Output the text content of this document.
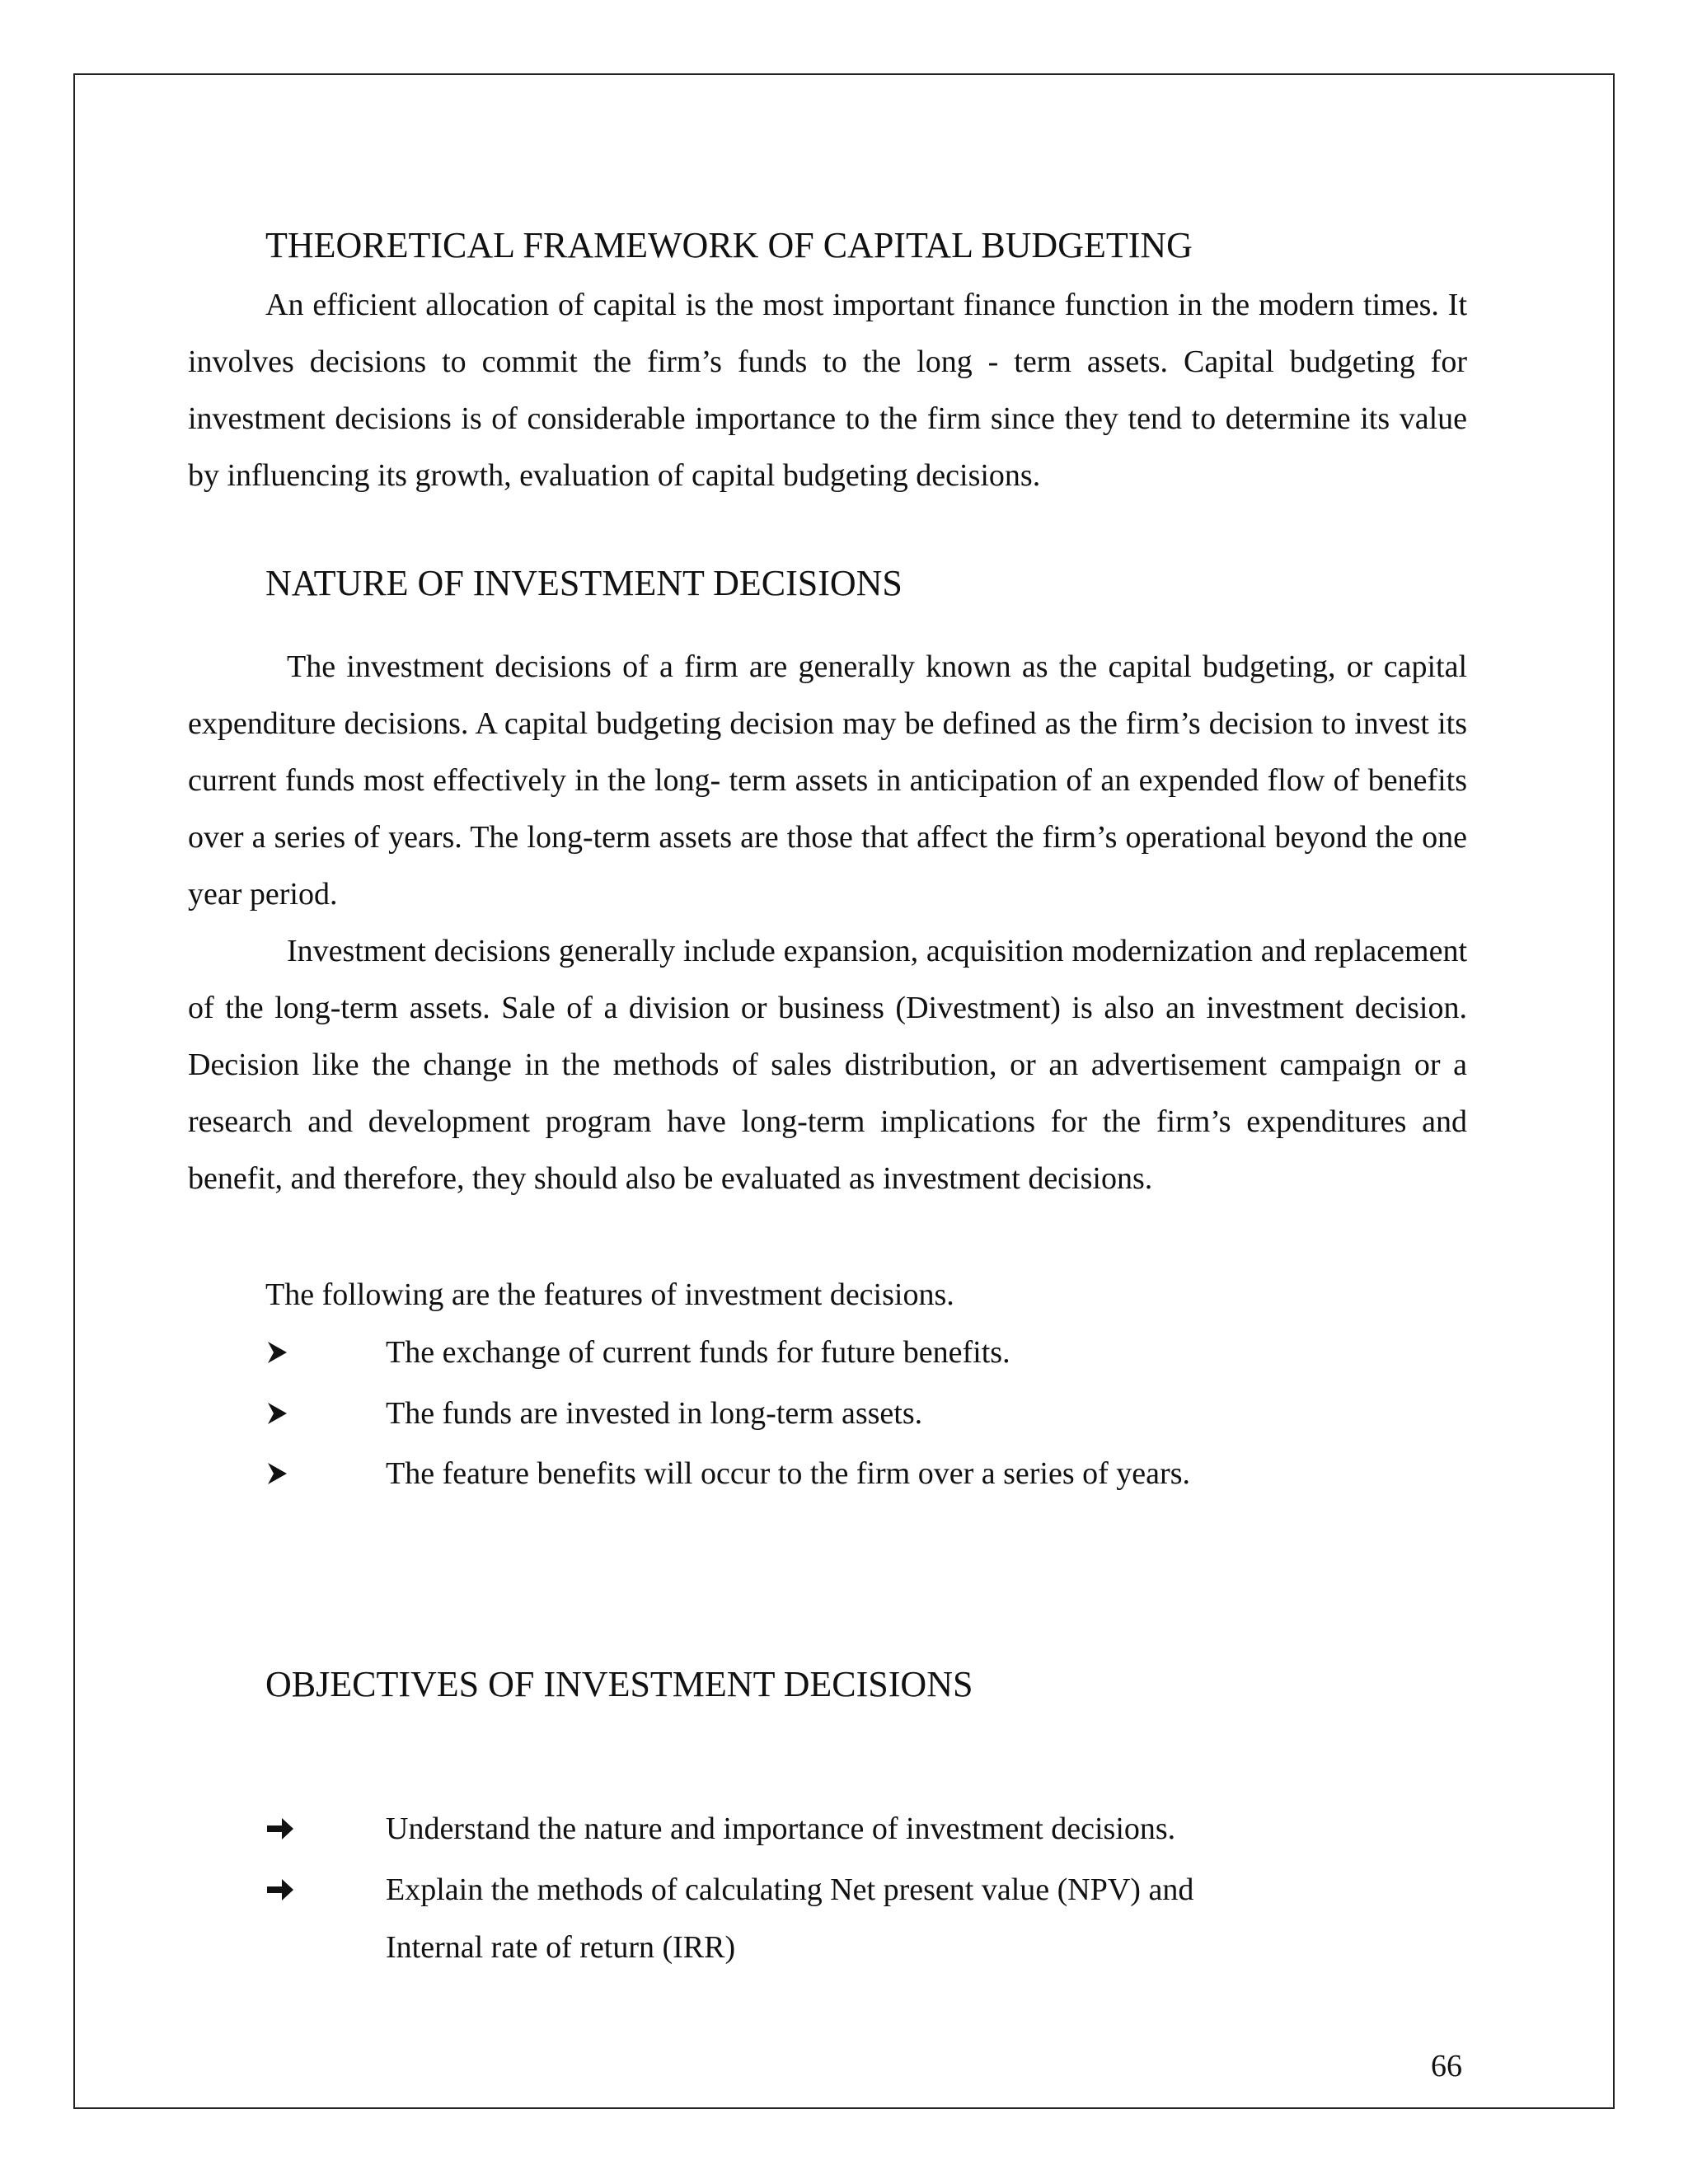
THEORETICAL FRAMEWORK OF CAPITAL BUDGETING

An efficient allocation of capital is the most important finance function in the modern times. It involves decisions to commit the firm’s funds to the long - term assets. Capital budgeting for investment decisions is of considerable importance to the firm since they tend to determine its value by influencing its growth, evaluation of capital budgeting decisions.

NATURE OF INVESTMENT DECISIONS

The investment decisions of a firm are generally known as the capital budgeting, or capital expenditure decisions. A capital budgeting decision may be defined as the firm’s decision to invest its current funds most effectively in the long- term assets in anticipation of an expended flow of benefits over a series of years. The long-term assets are those that affect the firm’s operational beyond the one year period.

Investment decisions generally include expansion, acquisition modernization and replacement of the long-term assets. Sale of a division or business (Divestment) is also an investment decision. Decision like the change in the methods of sales distribution, or an advertisement campaign or a research and development program have long-term implications for the firm’s expenditures and benefit, and therefore, they should also be evaluated as investment decisions.

The following are the features of investment decisions.

The exchange of current funds for future benefits.
The funds are invested in long-term assets.
The feature benefits will occur to the firm over a series of years.
OBJECTIVES OF INVESTMENT DECISIONS
Understand the nature and importance of investment decisions.
Explain the methods of calculating Net present value (NPV) and
Internal rate of return (IRR)
66
